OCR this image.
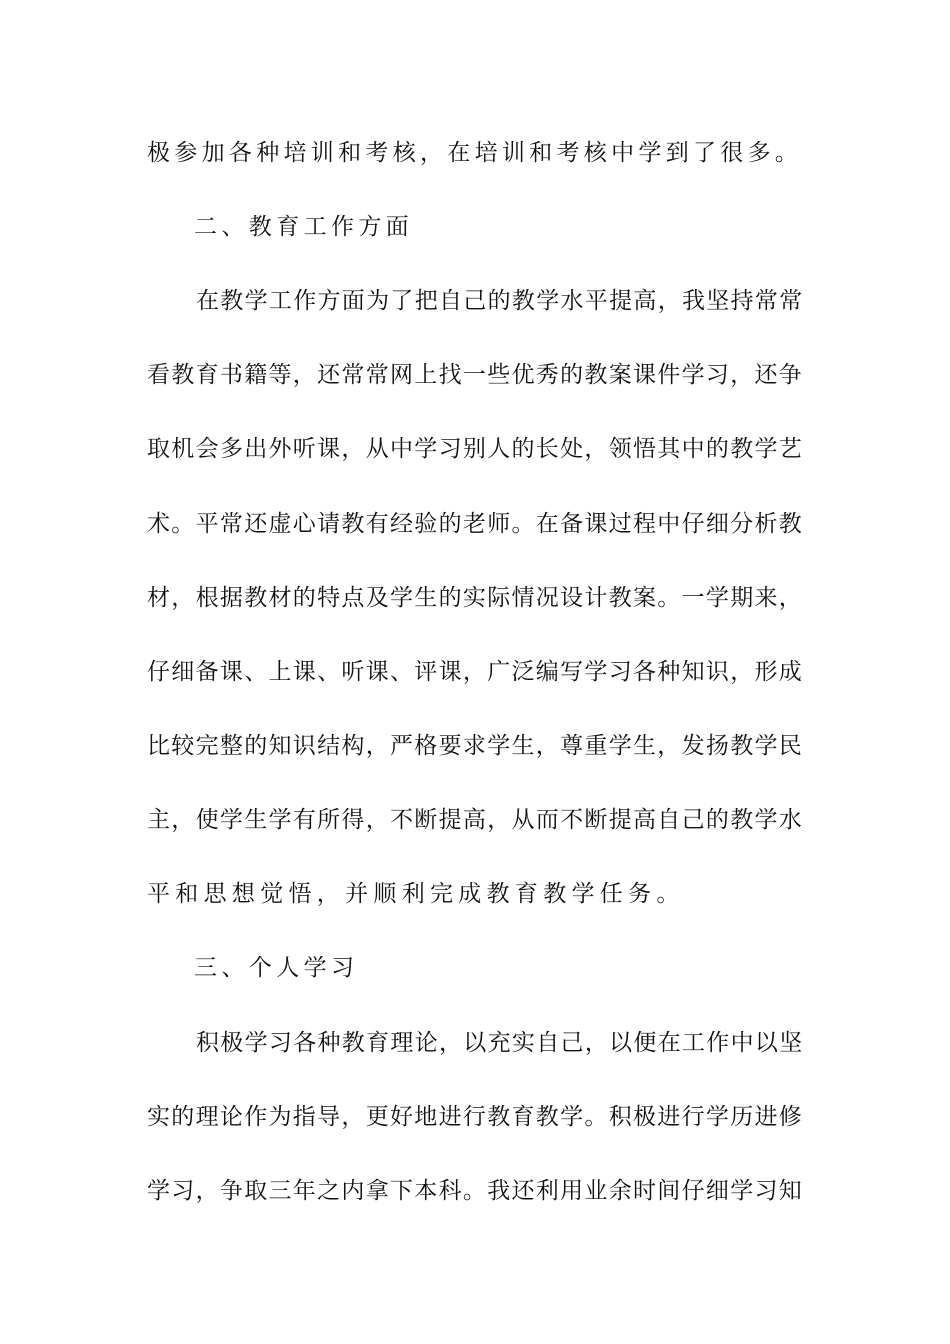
极参加各种培训和考核，在培训和考核中学到了很多。
二、教育工作方面
在教学工作方面为了把自己的教学水平提高，我坚持常常
看教育书籍等，还常常网上找一些优秀的教案课件学习，还争
取机会多出外听课，从中学习别人的长处，领悟其中的教学艺
术。平常还虚心请教有经验的老师。在备课过程中仔细分析教
材，根据教材的特点及学生的实际情况设计教案。一学期来，
仔细备课、上课、听课、评课，广泛编写学习各种知识，形成
比较完整的知识结构，严格要求学生，尊重学生，发扬教学民
主，使学生学有所得，不断提高，从而不断提高自己的教学水
平和思想觉悟，并顺利完成教育教学任务。
三、个人学习
积极学习各种教育理论，以充实自己，以便在工作中以坚
实的理论作为指导，更好地进行教育教学。积极进行学历进修
学习，争取三年之内拿下本科。我还利用业余时间仔细学习知
